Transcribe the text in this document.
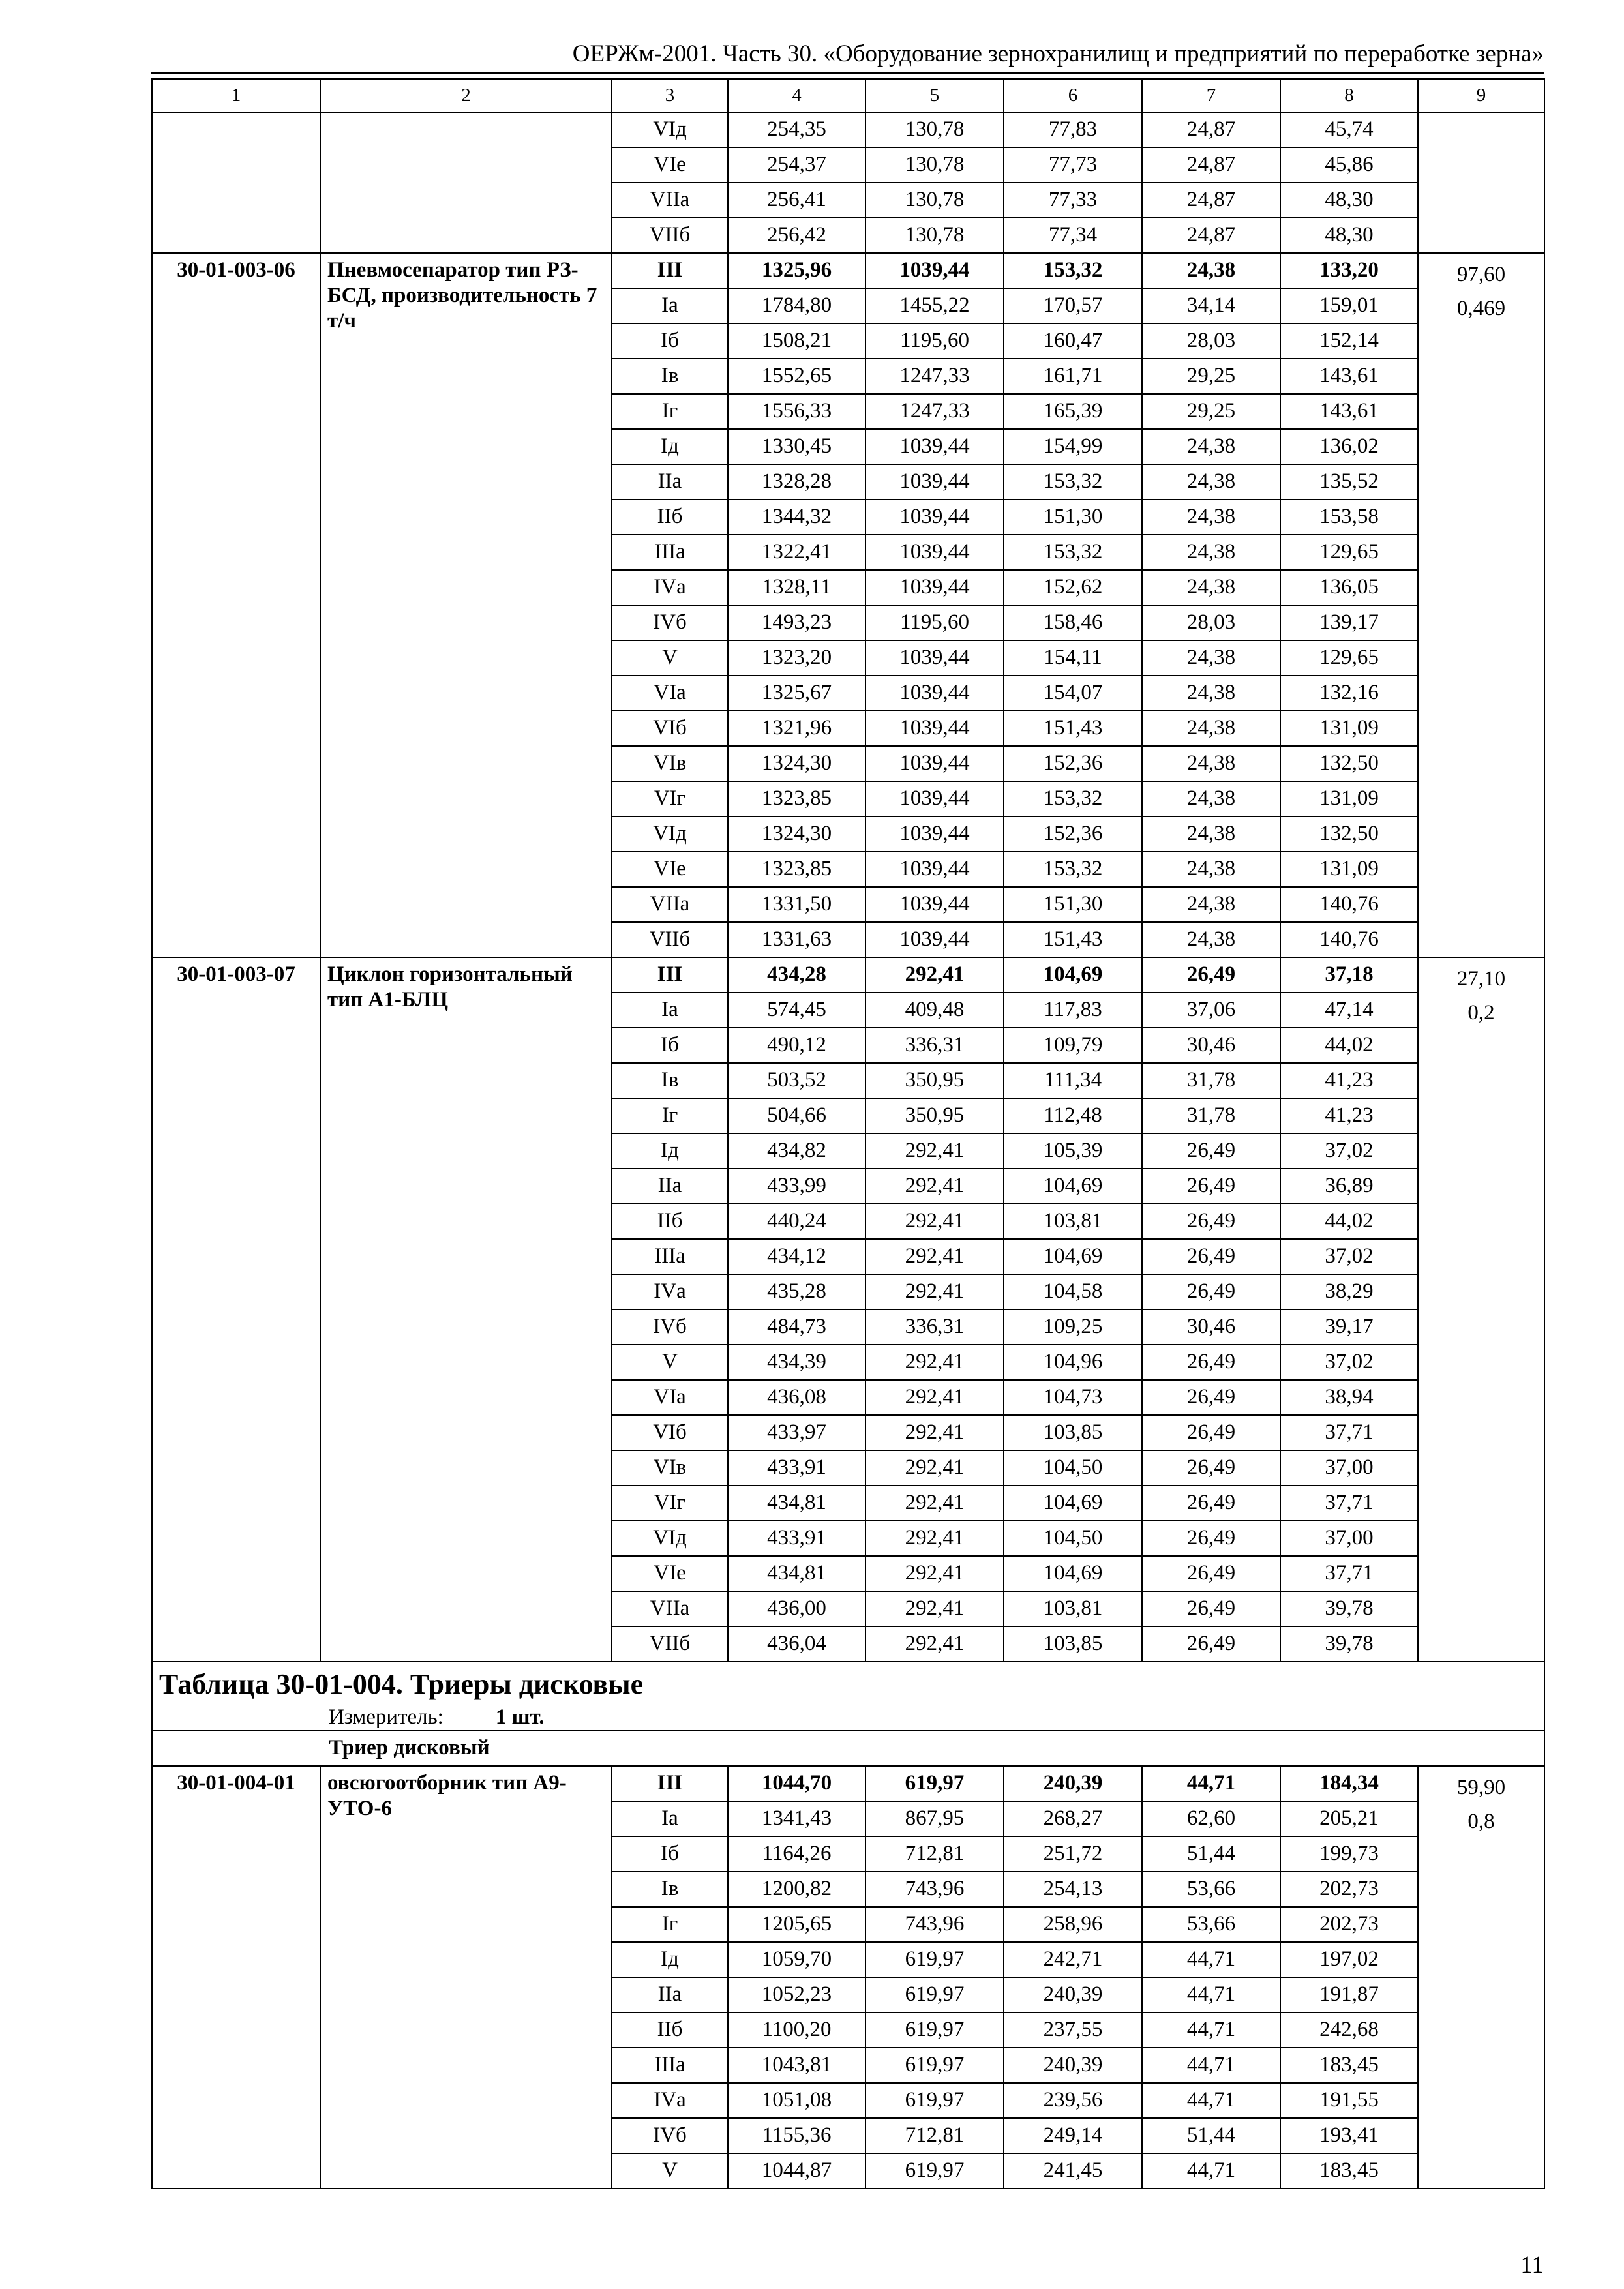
ОЕРЖм-2001. Часть 30. «Оборудование зернохранилищ и предприятий по переработке зерна»
1	2	3	4	5	6	7	8	9
		VIд	254,35	130,78	77,83	24,87	45,74	
		VIе	254,37	130,78	77,73	24,87	45,86	
		VIIа	256,41	130,78	77,33	24,87	48,30	
		VIIб	256,42	130,78	77,34	24,87	48,30	
30-01-003-06	Пневмосепаратор тип РЗ-БСД, производительность 7 т/ч	III	1325,96	1039,44	153,32	24,38	133,20	97,60
0,469

		Iа	1784,80	1455,22	170,57	34,14	159,01	
		Iб	1508,21	1195,60	160,47	28,03	152,14	
		Iв	1552,65	1247,33	161,71	29,25	143,61	
		Iг	1556,33	1247,33	165,39	29,25	143,61	
		Iд	1330,45	1039,44	154,99	24,38	136,02	
		IIа	1328,28	1039,44	153,32	24,38	135,52	
		IIб	1344,32	1039,44	151,30	24,38	153,58	
		IIIа	1322,41	1039,44	153,32	24,38	129,65	
		IVа	1328,11	1039,44	152,62	24,38	136,05	
		IVб	1493,23	1195,60	158,46	28,03	139,17	
		V	1323,20	1039,44	154,11	24,38	129,65	
		VIа	1325,67	1039,44	154,07	24,38	132,16	
		VIб	1321,96	1039,44	151,43	24,38	131,09	
		VIв	1324,30	1039,44	152,36	24,38	132,50	
		VIг	1323,85	1039,44	153,32	24,38	131,09	
		VIд	1324,30	1039,44	152,36	24,38	132,50	
		VIе	1323,85	1039,44	153,32	24,38	131,09	
		VIIа	1331,50	1039,44	151,30	24,38	140,76	
		VIIб	1331,63	1039,44	151,43	24,38	140,76	
30-01-003-07	Циклон горизонтальный тип А1-БЛЦ	III	434,28	292,41	104,69	26,49	37,18	27,10
0,2

		Iа	574,45	409,48	117,83	37,06	47,14	
		Iб	490,12	336,31	109,79	30,46	44,02	
		Iв	503,52	350,95	111,34	31,78	41,23	
		Iг	504,66	350,95	112,48	31,78	41,23	
		Iд	434,82	292,41	105,39	26,49	37,02	
		IIа	433,99	292,41	104,69	26,49	36,89	
		IIб	440,24	292,41	103,81	26,49	44,02	
		IIIа	434,12	292,41	104,69	26,49	37,02	
		IVа	435,28	292,41	104,58	26,49	38,29	
		IVб	484,73	336,31	109,25	30,46	39,17	
		V	434,39	292,41	104,96	26,49	37,02	
		VIа	436,08	292,41	104,73	26,49	38,94	
		VIб	433,97	292,41	103,85	26,49	37,71	
		VIв	433,91	292,41	104,50	26,49	37,00	
		VIг	434,81	292,41	104,69	26,49	37,71	
		VIд	433,91	292,41	104,50	26,49	37,00	
		VIе	434,81	292,41	104,69	26,49	37,71	
		VIIа	436,00	292,41	103,81	26,49	39,78	
		VIIб	436,04	292,41	103,85	26,49	39,78	

Таблица 30-01-004. Триеры дисковые
Измеритель: 1 шт.								

Триер дисковый								
30-01-004-01	овсюгоотборник тип А9-УТО-6	III	1044,70	619,97	240,39	44,71	184,34	59,90
0,8

		Iа	1341,43	867,95	268,27	62,60	205,21	
		Iб	1164,26	712,81	251,72	51,44	199,73	
		Iв	1200,82	743,96	254,13	53,66	202,73	
		Iг	1205,65	743,96	258,96	53,66	202,73	
		Iд	1059,70	619,97	242,71	44,71	197,02	
		IIа	1052,23	619,97	240,39	44,71	191,87	
		IIб	1100,20	619,97	237,55	44,71	242,68	
		IIIа	1043,81	619,97	240,39	44,71	183,45	
		IVа	1051,08	619,97	239,56	44,71	191,55	
		IVб	1155,36	712,81	249,14	51,44	193,41	
		V	1044,87	619,97	241,45	44,71	183,45	
11
